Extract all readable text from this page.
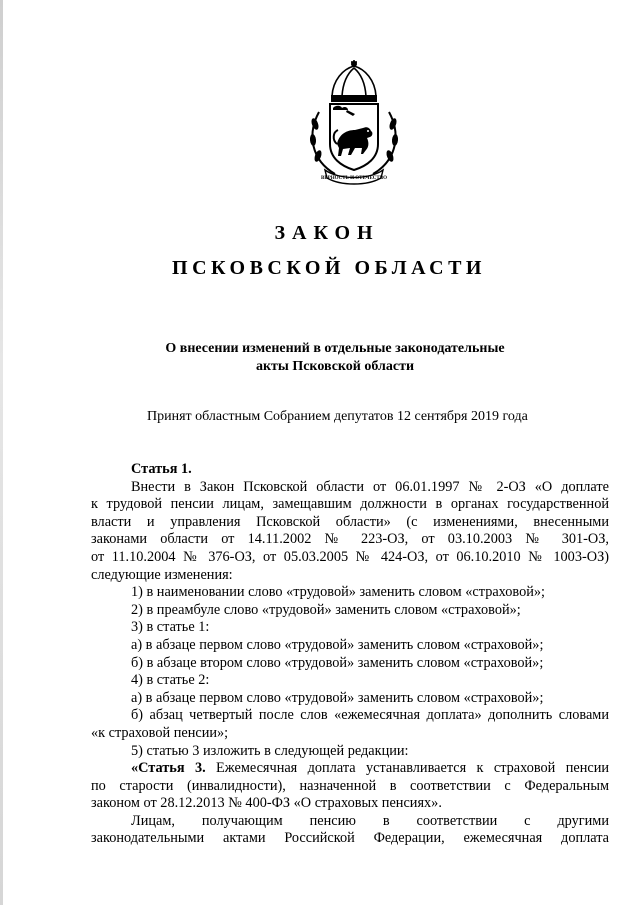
ВЕРНОСТЬ И ОТЕЧЕСТВО
ЗАКОН
ПСКОВСКОЙ ОБЛАСТИ
О внесении изменений в отдельные законодательные
акты Псковской области
Принят областным Собранием депутатов 12 сентября 2019 года

Статья 1.

Внести в Закон Псковской области от 06.01.1997 № 2-ОЗ «О доплате

к трудовой пенсии лицам, замещавшим должности в органах государственной

власти и управления Псковской области» (с изменениями, внесенными

законами области от 14.11.2002 № 223-ОЗ, от 03.10.2003 № 301-ОЗ,

от 11.10.2004 № 376-ОЗ, от 05.03.2005 № 424-ОЗ, от 06.10.2010 № 1003-ОЗ)

следующие изменения:

1) в наименовании слово «трудовой» заменить словом «страховой»;

2) в преамбуле слово «трудовой» заменить словом «страховой»;

3) в статье 1:

а) в абзаце первом слово «трудовой» заменить словом «страховой»;

б) в абзаце втором слово «трудовой» заменить словом «страховой»;

4) в статье 2:

а) в абзаце первом слово «трудовой» заменить словом «страховой»;

б) абзац четвертый после слов «ежемесячная доплата» дополнить словами

«к страховой пенсии»;

5) статью 3 изложить в следующей редакции:

«Статья 3. Ежемесячная доплата устанавливается к страховой пенсии

по старости (инвалидности), назначенной в соответствии с Федеральным

законом от 28.12.2013 № 400-ФЗ «О страховых пенсиях».

Лицам, получающим пенсию в соответствии с другими

законодательными актами Российской Федерации, ежемесячная доплата
